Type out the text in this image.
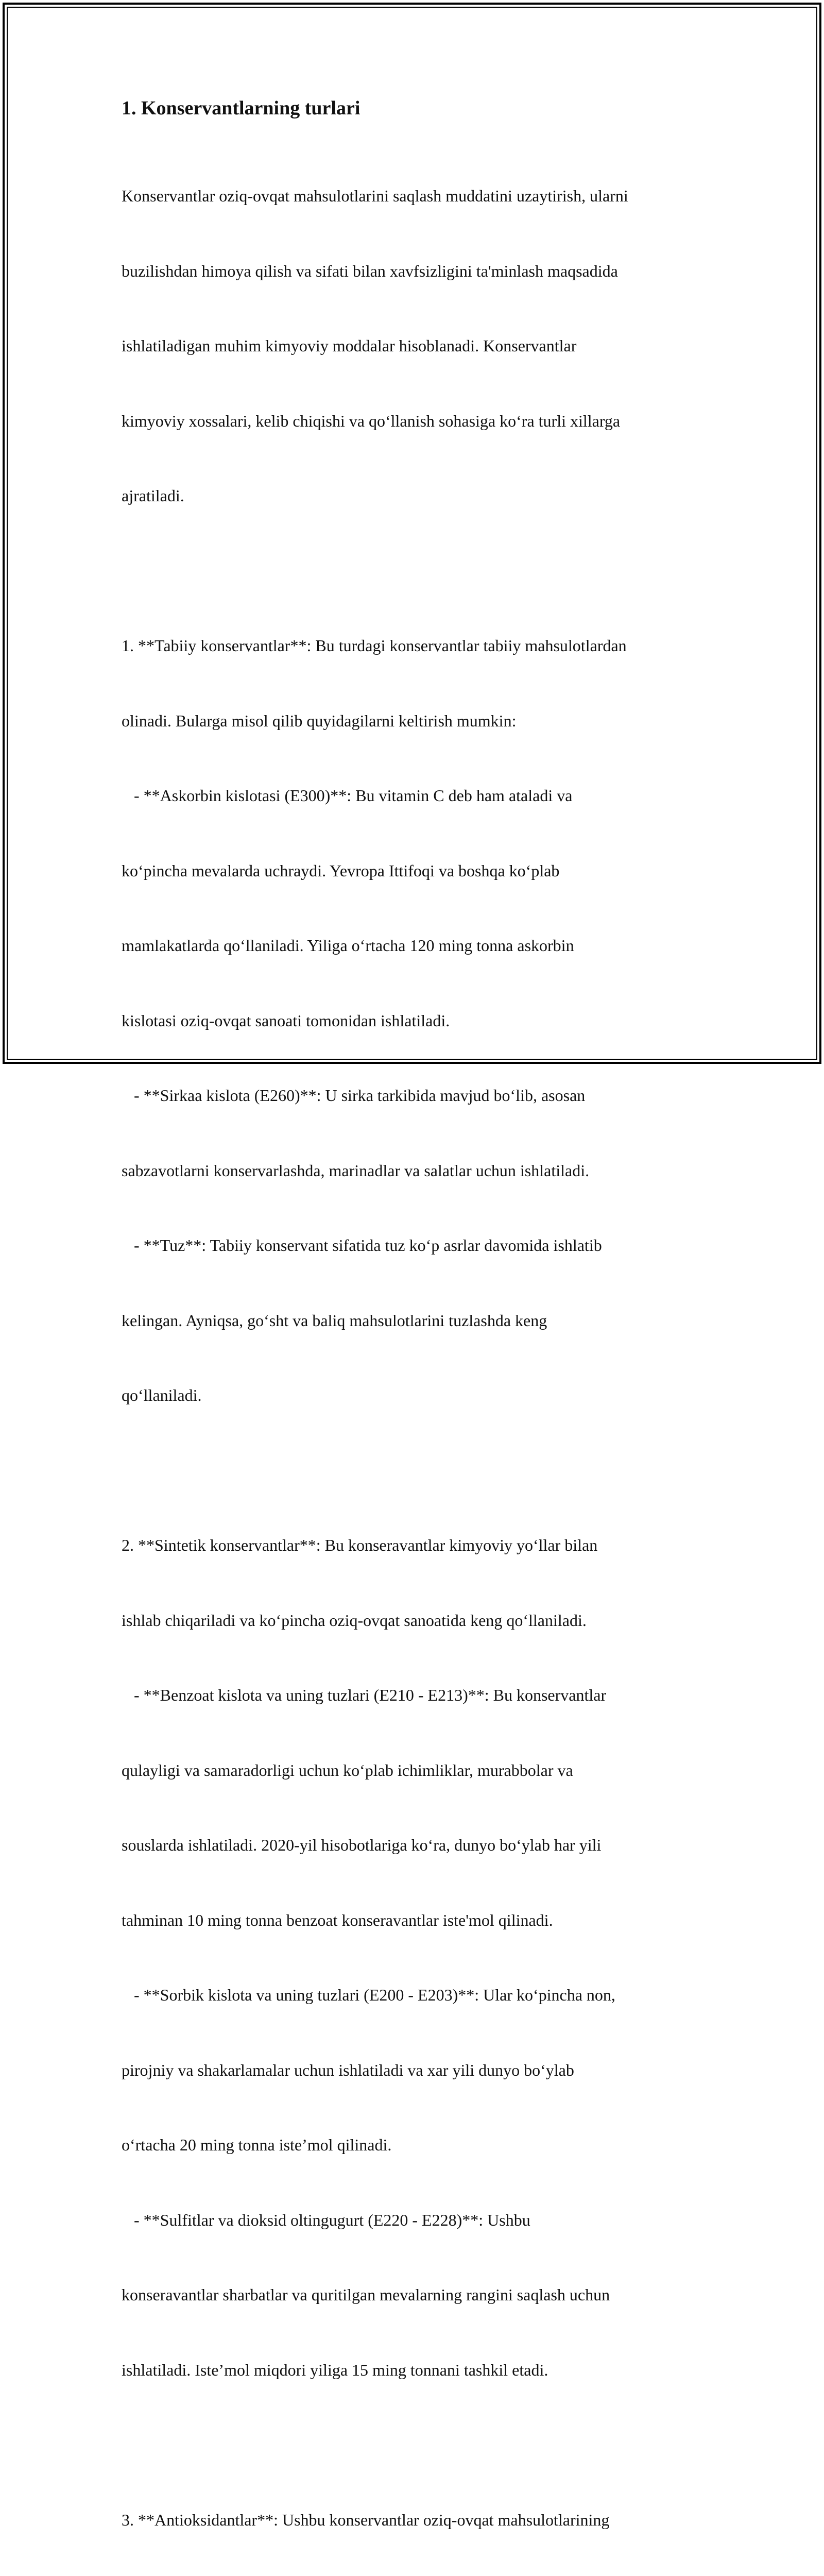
1. Konservantlarning turlari

Konservantlar oziq-ovqat mahsulotlarini saqlash muddatini uzaytirish, ularni

buzilishdan himoya qilish va sifati bilan xavfsizligini ta'minlash maqsadida

ishlatiladigan muhim kimyoviy moddalar hisoblanadi. Konservantlar

kimyoviy xossalari, kelib chiqishi va qo‘llanish sohasiga ko‘ra turli xillarga

ajratiladi.

1. **Tabiiy konservantlar**: Bu turdagi konservantlar tabiiy mahsulotlardan

olinadi. Bularga misol qilib quyidagilarni keltirish mumkin:

- **Askorbin kislotasi (E300)**: Bu vitamin C deb ham ataladi va

ko‘pincha mevalarda uchraydi. Yevropa Ittifoqi va boshqa ko‘plab

mamlakatlarda qo‘llaniladi. Yiliga o‘rtacha 120 ming tonna askorbin

kislotasi oziq-ovqat sanoati tomonidan ishlatiladi.

- **Sirkaa kislota (E260)**: U sirka tarkibida mavjud bo‘lib, asosan

sabzavotlarni konservarlashda, marinadlar va salatlar uchun ishlatiladi.

- **Tuz**: Tabiiy konservant sifatida tuz ko‘p asrlar davomida ishlatib

kelingan. Ayniqsa, go‘sht va baliq mahsulotlarini tuzlashda keng

qo‘llaniladi.

2. **Sintetik konservantlar**: Bu konseravantlar kimyoviy yo‘llar bilan

ishlab chiqariladi va ko‘pincha oziq-ovqat sanoatida keng qo‘llaniladi.

- **Benzoat kislota va uning tuzlari (E210 - E213)**: Bu konservantlar

qulayligi va samaradorligi uchun ko‘plab ichimliklar, murabbolar va

souslarda ishlatiladi. 2020-yil hisobotlariga ko‘ra, dunyo bo‘ylab har yili

tahminan 10 ming tonna benzoat konseravantlar iste'mol qilinadi.

- **Sorbik kislota va uning tuzlari (E200 - E203)**: Ular ko‘pincha non,

pirojniy va shakarlamalar uchun ishlatiladi va xar yili dunyo bo‘ylab

o‘rtacha 20 ming tonna iste’mol qilinadi.

- **Sulfitlar va dioksid oltingugurt (E220 - E228)**: Ushbu

konseravantlar sharbatlar va quritilgan mevalarning rangini saqlash uchun

ishlatiladi. Iste’mol miqdori yiliga 15 ming tonnani tashkil etadi.

3. **Antioksidantlar**: Ushbu konservantlar oziq-ovqat mahsulotlarining
